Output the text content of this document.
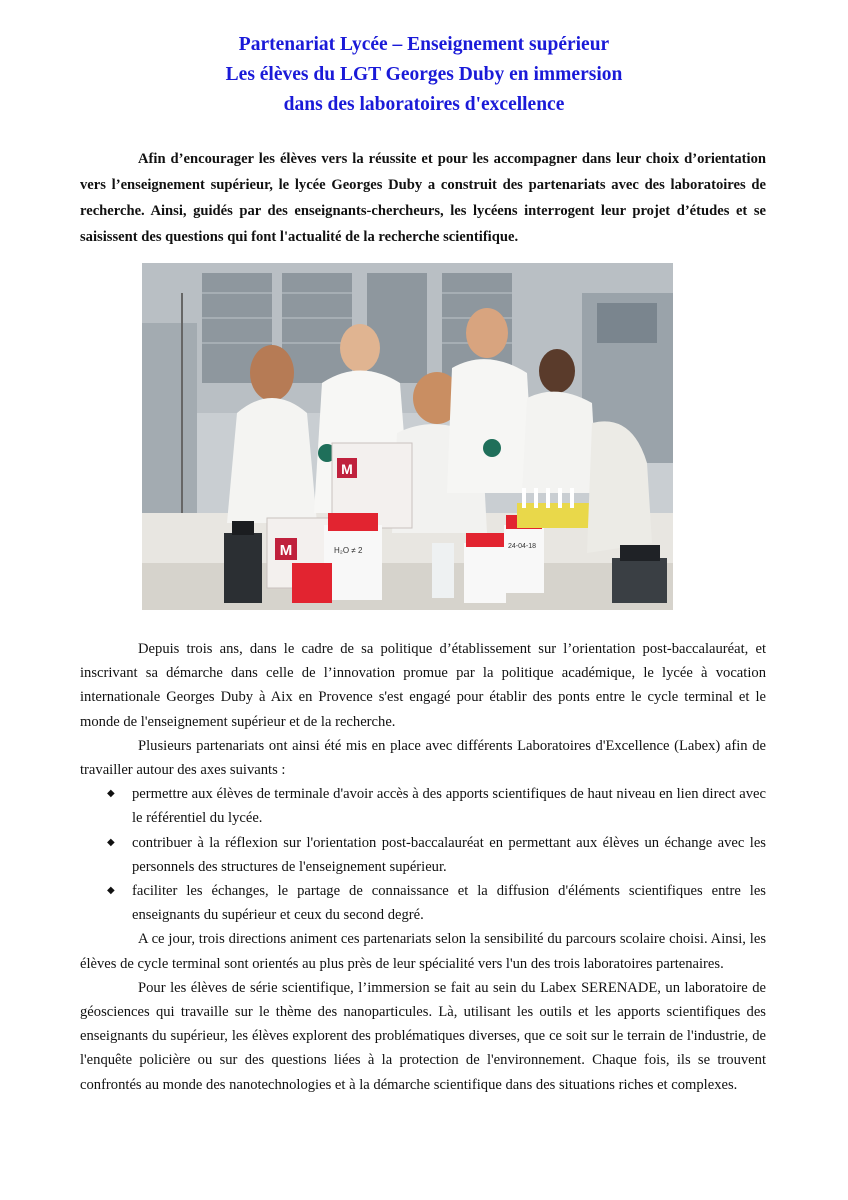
Partenariat Lycée – Enseignement supérieur
Les élèves du LGT Georges Duby en immersion
dans des laboratoires d'excellence

Afin d’encourager les élèves vers la réussite et pour les accompagner dans leur choix d’orientation vers l’enseignement supérieur, le lycée Georges Duby a construit des partenariats avec des laboratoires de recherche. Ainsi, guidés par des enseignants-chercheurs, les lycéens interrogent leur projet d’études et se saisissent des questions qui font l'actualité de la recherche scientifique.

M
M	H₂O ≠ 2	24-04-18

Depuis trois ans, dans le cadre de sa politique d’établissement sur l’orientation post-baccalauréat, et inscrivant sa démarche dans celle de l’innovation promue par la politique académique, le lycée à vocation internationale Georges Duby à Aix en Provence s'est engagé pour établir des ponts entre le cycle terminal et le monde de l'enseignement supérieur et de la recherche.

Plusieurs partenariats ont ainsi été mis en place avec différents Laboratoires d'Excellence (Labex) afin de travailler autour des axes suivants :

◆ permettre aux élèves de terminale d'avoir accès à des apports scientifiques de haut niveau en lien direct avec le référentiel du lycée.
◆ contribuer à la réflexion sur l'orientation post-baccalauréat en permettant aux élèves un échange avec les personnels des structures de l'enseignement supérieur.
◆ faciliter les échanges, le partage de connaissance et la diffusion d'éléments scientifiques entre les enseignants du supérieur et ceux du second degré.

A ce jour, trois directions animent ces partenariats selon la sensibilité du parcours scolaire choisi. Ainsi, les élèves de cycle terminal sont orientés au plus près de leur spécialité vers l'un des trois laboratoires partenaires.

Pour les élèves de série scientifique, l’immersion se fait au sein du Labex SERENADE, un laboratoire de géosciences qui travaille sur le thème des nanoparticules. Là, utilisant les outils et les apports scientifiques des enseignants du supérieur, les élèves explorent des problématiques diverses, que ce soit sur le terrain de l'industrie, de l'enquête policière ou sur des questions liées à la protection de l'environnement. Chaque fois, ils se trouvent confrontés au monde des nanotechnologies et à la démarche scientifique dans des situations riches et complexes.
